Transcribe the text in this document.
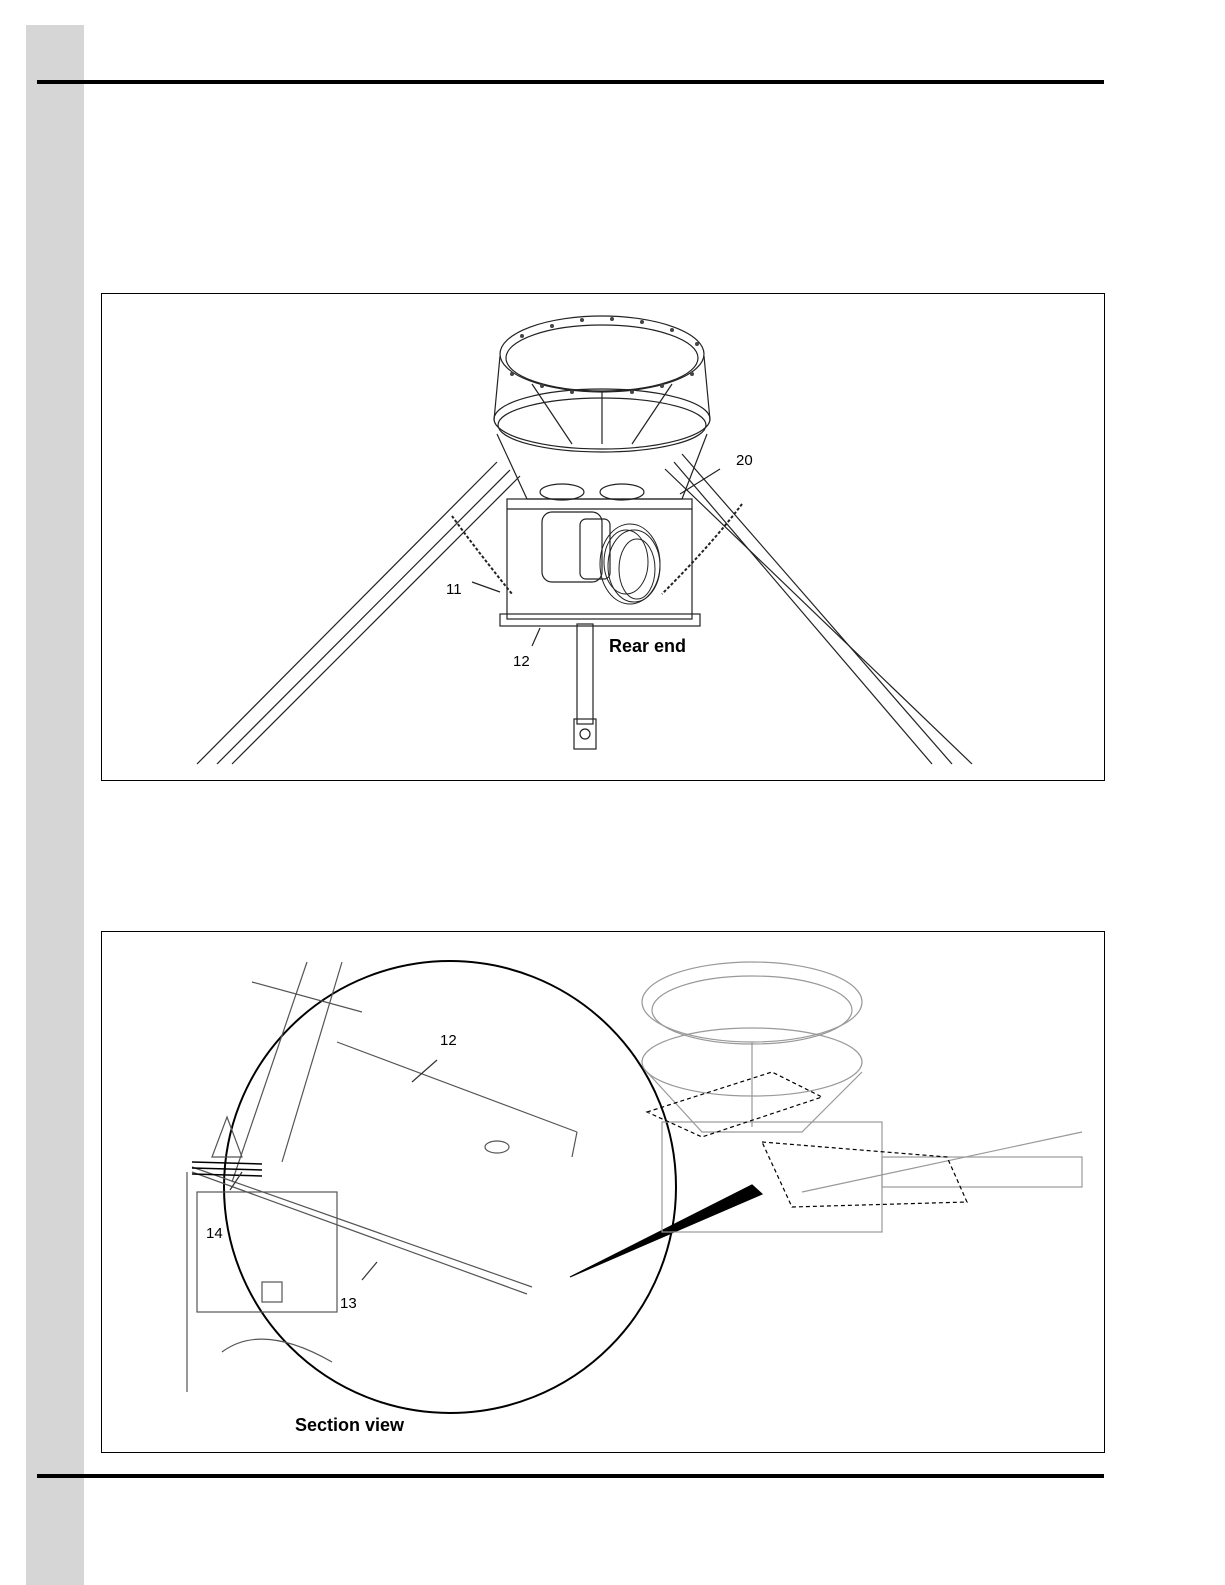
20
11
12
Rear end
12
14
13
Section view
